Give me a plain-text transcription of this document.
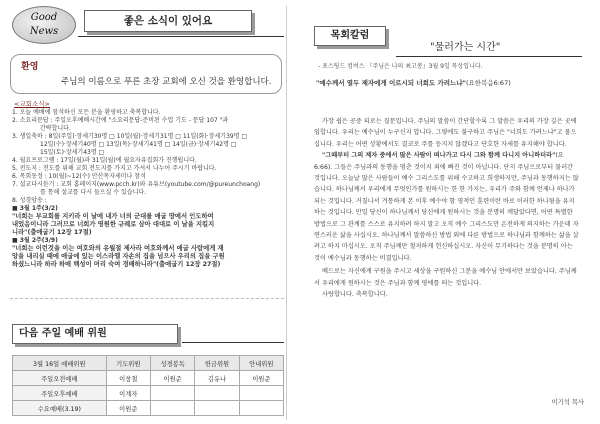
Good
News
좋은 소식이 있어요
환영
주님의 이름으로 푸른 초장 교회에 오신 것을 환영합니다.
<교회소식>
1. 오늘 예배에 참석하신 모든 분을 환영하고 축복합니다.
2. 소요리문답 : 주일오후예배시간에 "소요리문답-준비된 수업 기도 - 문답 107 "과
간략합니다.
3. 생일축하 : 8일(주일)·장세기30명 □ 10일(월)·장세기31명 □ 11일(화)·장세기39명 □
12일(수)·장세기40명 □ 13일(목)·장세기41명 □ 14일(금)·장세기42명 □
15일(토)·장세기43명 □
4. 월요프로그램 : 17일(월)과 31일(월)에 월요자유집회가 진행됩니다.
5. 전도지 : 전도를 위해 교회 전도지를 가지고 가셔서 나누어 주시기 바랍니다.
6. 목회동정 : 10(월)~12(수) 안산목자세미나 참석
7. 설교다시듣기 : 교회 홈페이지(www.pcch.kr)와 유튜브(youtube.com/@pureunchoang)
를 통해 설교를 다시 들으실 수 있습니다.
8. 성경암송 :
■ 3월 1주(3/2)
"너희는 부교회를 지키라 이 날에 내가 너의 군대를 애굽 땅에서 인도하여
내었음이니라 그러므로 너희가 영원한 규례로 삼아 대대로 이 날을 지킬지
니라"(출애굽기 12장 17절)
■ 3월 2주(3/9)
"너희는 이런것을 이는 여호와의 유월절 제사라 여호와께서 애굽 사람에게 재
앙을 내리실 때에 애굽에 있는 이스라엘 자손의 집을 넘으사 우리의 집을 구원
하셨느니라 하라 하매 백성이 머리 숙여 경배하니라"(출애굽기 12장 27절)
다음 주일 예배 위원
3월 16일 예배위원	기도위원	성경봉독	헌금위원	안내위원
주일오전예배	이창철	이원준	김유나	이원준
주일오후예배	이계자			
수요예배(3.19)	이원준			
목회칼럼
"물러가는 시간"
- 포스팅드 컴버스 『주님은 나의 최고봉』3월 9일 묵상입니다.
"예수께서 열두 제자에게 이르시되 너희도 가려느냐"(요한복음6:67)

가장 쉽은 공중 피로는 질문입니다. 주님의 말씀이 간단할수록 그 말씀은 우리의 가장 깊은 곳에 임합니다. 우리는 예수님이 누구신지 압니다. 그렇에도 불구하고 주님은 "너희도 가려느냐"고 물으십니다. 우리는 어떤 상황에서도 결코로 주를 등지지 않겠다고 단호한 자세를 유지해야 합니다.

"그때부터 그의 제자 중에서 많은 사람이 떠나가고 다시 그와 함께 다니지 아니하더라"(요6:66). 그들은 주님과의 동행을 멈춘 것이지 죄에 빠진 것이 아닙니다. 단지 주님으로부터 물러간 것입니다. 오늘날 많은 사람들이 예수 그리스도를 위해 수고하고 희생하지만, 주님과 동행하지는 않습니다. 하나님께서 우리에게 무엇인가를 원하시는 한 한 가지는, 우리가 주와 함께 언제나 하나가 되는 것입니다. 거칠나서 겨통하게 본 이후 예수야 함 영적인 훈련이란 바로 이러한 하나됨을 유지하는 것입니다. 만일 당신이 하나님께서 당신에게 원하시는 것을 분명히 깨달았다면, 어떤 특별한 방법으로 그 관계를 스스로 유지하려 하지 말고 오직 예수 그리스도만 온전하게 의지하는 가운데 자연스러운 삶을 사십시오. 하나님께서 말씀하신 방법 외에 다른 방법으로 하나님과 함께하는 삶을 살려고 하지 마십시오. 오직 주님께만 철저하게 헌신하십시오. 자신이 무기하다는 것을 분명히 아는 것이 예수님과 동행하는 비결입니다.

베드로는 자신에게 구원을 주시고 세상을 구원하신 그분을 예수님 안에서만 보았습니다. 주님께서 우리에게 원하시는 것은 주님과 함께 평에를 떠는 것입니다.

사랑합니다. 축복합니다.

이기석 목사
